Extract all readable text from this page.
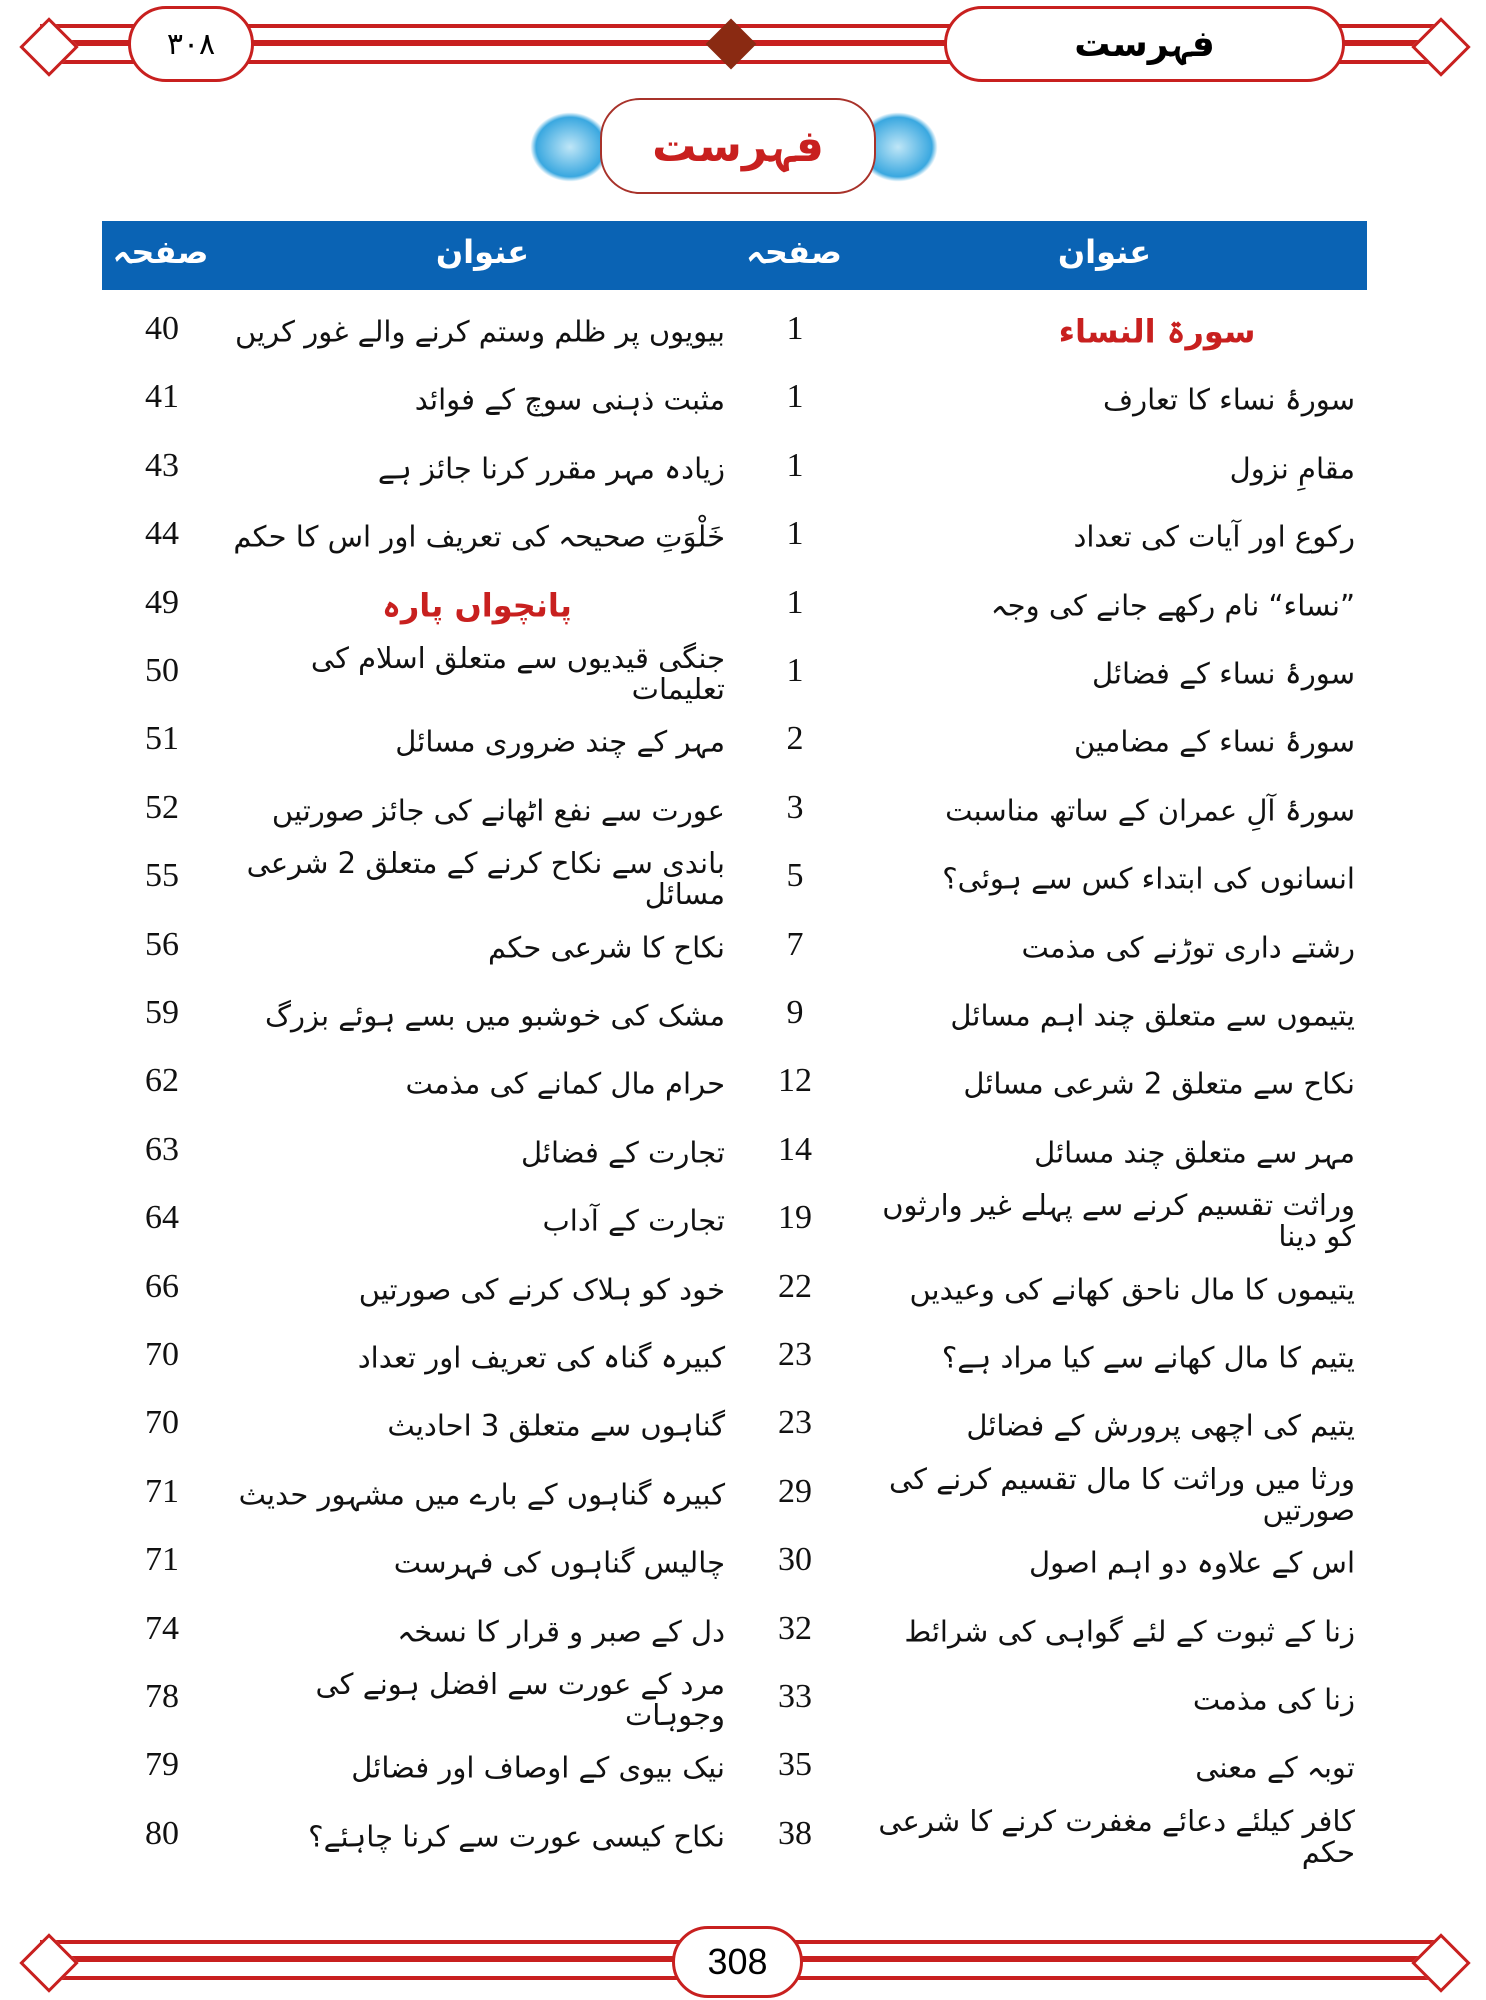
٣٠٨	فہرست
فہرست
عنوان
صفحہ
عنوان
صفحہ
سورۃ النساء
1
بیویوں پر ظلم وستم کرنے والے غور کریں
40
سورۂ نساء کا تعارف
1
مثبت ذہنی سوچ کے فوائد
41
مقامِ نزول
1
زیادہ مہر مقرر کرنا جائز ہے
43
رکوع اور آیات کی تعداد
1
خَلْوَتِ صحیحہ کی تعریف اور اس کا حکم
44
”نساء“ نام رکھے جانے کی وجہ
1
پانچواں پارہ
49
سورۂ نساء کے فضائل
1
جنگی قیدیوں سے متعلق اسلام کی تعلیمات
50
سورۂ نساء کے مضامین
2
مہر کے چند ضروری مسائل
51
سورۂ آلِ عمران کے ساتھ مناسبت
3
عورت سے نفع اٹھانے کی جائز صورتیں
52
انسانوں کی ابتداء کس سے ہوئی؟
5
باندی سے نکاح کرنے کے متعلق 2 شرعی مسائل
55
رشتے داری توڑنے کی مذمت
7
نکاح کا شرعی حکم
56
یتیموں سے متعلق چند اہم مسائل
9
مشک کی خوشبو میں بسے ہوئے بزرگ
59
نکاح سے متعلق 2 شرعی مسائل
12
حرام مال کمانے کی مذمت
62
مہر سے متعلق چند مسائل
14
تجارت کے فضائل
63
وراثت تقسیم کرنے سے پہلے غیر وارثوں کو دینا
19
تجارت کے آداب
64
یتیموں کا مال ناحق کھانے کی وعیدیں
22
خود کو ہلاک کرنے کی صورتیں
66
یتیم کا مال کھانے سے کیا مراد ہے؟
23
کبیرہ گناہ کی تعریف اور تعداد
70
یتیم کی اچھی پرورش کے فضائل
23
گناہوں سے متعلق 3 احادیث
70
ورثا میں وراثت کا مال تقسیم کرنے کی صورتیں
29
کبیرہ گناہوں کے بارے میں مشہور حدیث
71
اس کے علاوہ دو اہم اصول
30
چالیس گناہوں کی فہرست
71
زنا کے ثبوت کے لئے گواہی کی شرائط
32
دل کے صبر و قرار کا نسخہ
74
زنا کی مذمت
33
مرد کے عورت سے افضل ہونے کی وجوہات
78
توبہ کے معنی
35
نیک بیوی کے اوصاف اور فضائل
79
کافر کیلئے دعائے مغفرت کرنے کا شرعی حکم
38
نکاح کیسی عورت سے کرنا چاہئے؟
80
308
